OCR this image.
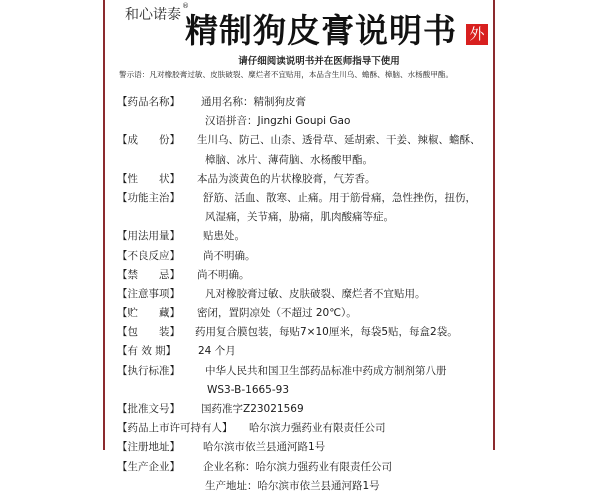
和心诺泰®
精制狗皮膏说明书 外
请仔细阅读说明书并在医师指导下使用
警示语：凡对橡胶膏过敏、皮肤破裂、糜烂者不宜贴用，本品含生川乌、蟾酥、樟脑、水杨酸甲酯。
【药品名称】	通用名称：精制狗皮膏
汉语拼音：Jingzhi Goupi Gao
【成　　份】	生川乌、防己、山柰、透骨草、延胡索、干姜、辣椒、蟾酥、
樟脑、冰片、薄荷脑、水杨酸甲酯。
【性　　状】	本品为淡黄色的片状橡胶膏，气芳香。
【功能主治】	舒筋、活血、散寒、止痛。用于筋骨痛，急性挫伤，扭伤，
风湿痛，关节痛，胁痛，肌肉酸痛等症。
【用法用量】	贴患处。
【不良反应】	尚不明确。
【禁　　忌】	尚不明确。
【注意事项】	凡对橡胶膏过敏、皮肤破裂、糜烂者不宜贴用。
【贮　　藏】	密闭，置阴凉处（不超过 20℃）。
【包　　装】	药用复合膜包装，每贴7×10厘米，每袋5贴，每盒2袋。
【有 效 期】	24 个月
【执行标准】	中华人民共和国卫生部药品标准中药成方制剂第八册
WS3-B-1665-93
【批准文号】	国药准字Z23021569
【药品上市许可持有人】	哈尔滨力强药业有限责任公司
【注册地址】	哈尔滨市依兰县通河路1号
【生产企业】	企业名称：哈尔滨力强药业有限责任公司
生产地址：哈尔滨市依兰县通河路1号
